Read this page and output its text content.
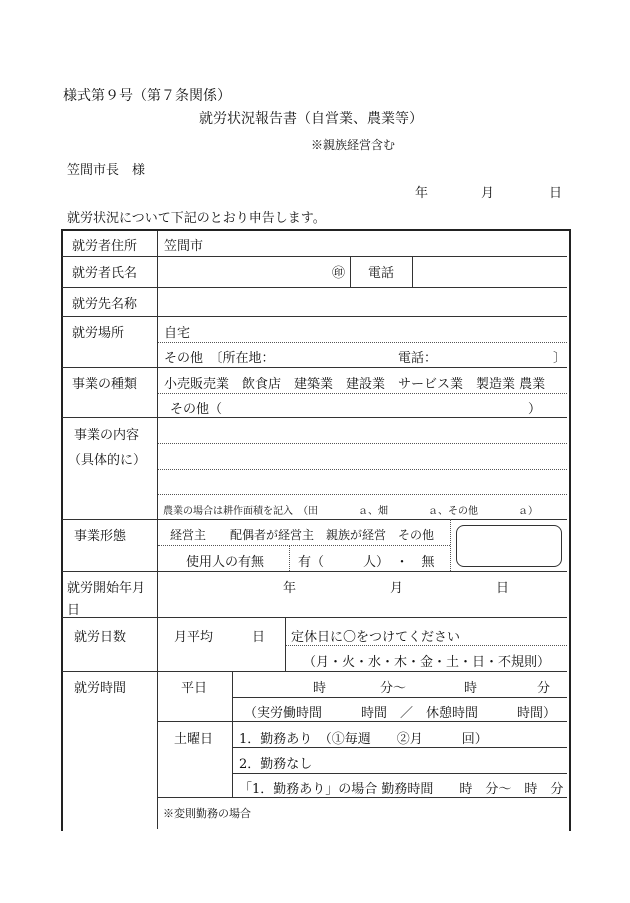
様式第９号（第７条関係）
就労状況報告書（自営業、農業等）
※親族経営含む
笠間市長　様
年	月	日
就労状況について下記のとおり申告します。
就労者住所 笠間市
就労者氏名	㊞ 電話
就労先名称
就労場所	自宅
その他　〔所在地：	電話：	〕
事業の種類 小売販売業　飲食店　建築業　建設業　サービス業　製造業 農業
その他（	）
事業の内容
（具体的に）
農業の場合は耕作面積を記入　（田　　　　ａ、畑　　　　ａ、その他　　　　ａ）
事業形態	経営主　　配偶者が経営主　親族が経営　その他
使用人の有無	有（　　　人）　・　無
就労開始年月
日
年	月	日
就労日数	月平均　　　日 定休日に〇をつけてください
（月・火・水・木・金・土・日・不規則）
就労時間	平日	時	分～	時	分
（実労働時間　　　時間　／　休憩時間　　　時間）
土曜日 1．勤務あり　（①毎週　　②月　　　回）
2．勤務なし
「1．勤務あり」の場合 勤務時間　　時　分～　時　分
※変則勤務の場合
